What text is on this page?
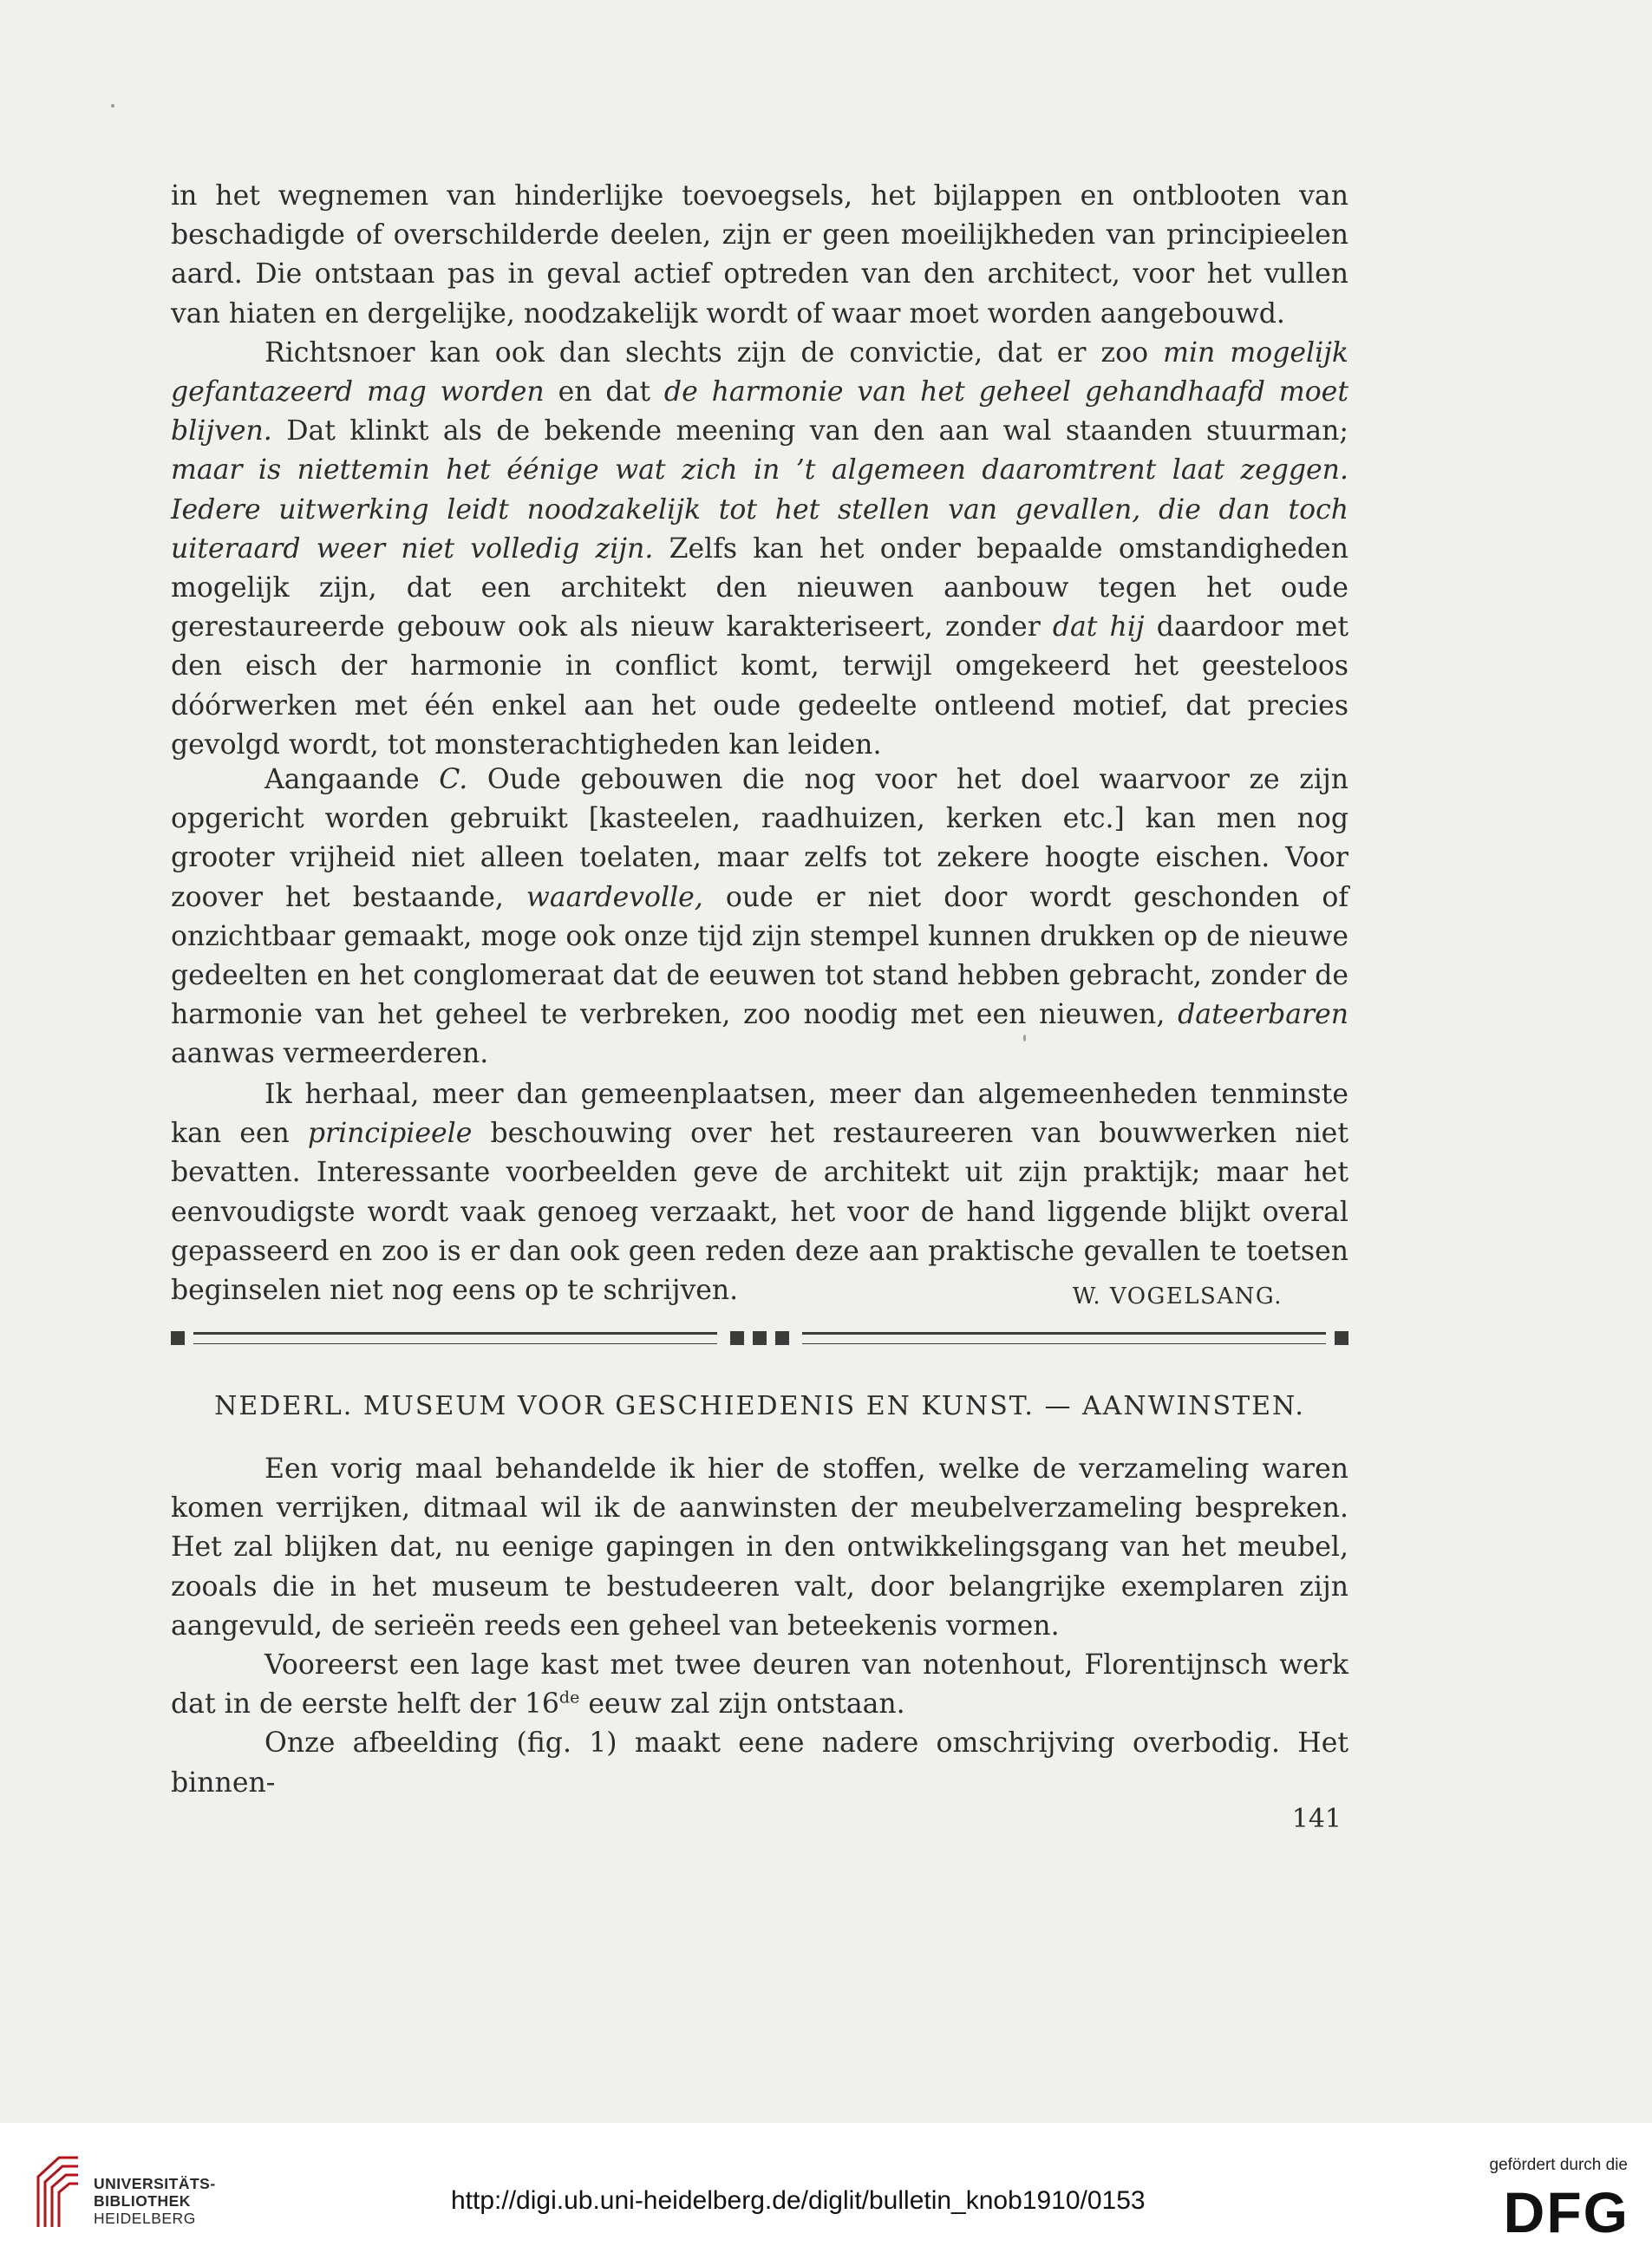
in het wegnemen van hinderlijke toevoegsels, het bijlappen en ontblooten van beschadigde of overschilderde deelen, zijn er geen moeilijkheden van principieelen aard. Die ontstaan pas in geval actief optreden van den architect, voor het vullen van hiaten en dergelijke, noodzakelijk wordt of waar moet worden aangebouwd.

Richtsnoer kan ook dan slechts zijn de convictie, dat er zoo min mogelijk gefantazeerd mag worden en dat de harmonie van het geheel gehandhaafd moet blijven. Dat klinkt als de bekende meening van den aan wal staanden stuurman; maar is niettemin het éénige wat zich in ’t algemeen daaromtrent laat zeggen. Iedere uitwerking leidt noodzakelijk tot het stellen van gevallen, die dan toch uiteraard weer niet volledig zijn. Zelfs kan het onder bepaalde omstandigheden mogelijk zijn, dat een architekt den nieuwen aanbouw tegen het oude gerestaureerde gebouw ook als nieuw karakteriseert, zonder dat hij daardoor met den eisch der harmonie in conflict komt, terwijl omgekeerd het geesteloos dóórwerken met één enkel aan het oude gedeelte ontleend motief, dat precies gevolgd wordt, tot monsterachtigheden kan leiden.

Aangaande C. Oude gebouwen die nog voor het doel waarvoor ze zijn opgericht worden gebruikt [kasteelen, raadhuizen, kerken etc.] kan men nog grooter vrijheid niet alleen toelaten, maar zelfs tot zekere hoogte eischen. Voor zoover het bestaande, waardevolle, oude er niet door wordt geschonden of onzichtbaar gemaakt, moge ook onze tijd zijn stempel kunnen drukken op de nieuwe gedeelten en het conglomeraat dat de eeuwen tot stand hebben gebracht, zonder de harmonie van het geheel te verbreken, zoo noodig met een nieuwen, dateerbaren aanwas vermeerderen.

Ik herhaal, meer dan gemeenplaatsen, meer dan algemeenheden tenminste kan een principieele beschouwing over het restaureeren van bouwwerken niet bevatten. Interessante voorbeelden geve de architekt uit zijn praktijk; maar het eenvoudigste wordt vaak genoeg verzaakt, het voor de hand liggende blijkt overal gepasseerd en zoo is er dan ook geen reden deze aan praktische gevallen te toetsen beginselen niet nog eens op te schrijven.	W. VOGELSANG.
NEDERL. MUSEUM VOOR GESCHIEDENIS EN KUNST. — AANWINSTEN.

Een vorig maal behandelde ik hier de stoffen, welke de verzameling waren komen verrijken, ditmaal wil ik de aanwinsten der meubelverzameling bespreken. Het zal blijken dat, nu eenige gapingen in den ontwikkelingsgang van het meubel, zooals die in het museum te bestudeeren valt, door belangrijke exemplaren zijn aangevuld, de serieën reeds een geheel van beteekenis vormen.

Vooreerst een lage kast met twee deuren van notenhout, Florentijnsch werk dat in de eerste helft der 16de eeuw zal zijn ontstaan.

Onze afbeelding (fig. 1) maakt eene nadere omschrijving overbodig. Het binnen-

141
UNIVERSITÄTS-
BIBLIOTHEK
HEIDELBERG
http://digi.ub.uni-heidelberg.de/diglit/bulletin_knob1910/0153
gefördert durch die
DFG
